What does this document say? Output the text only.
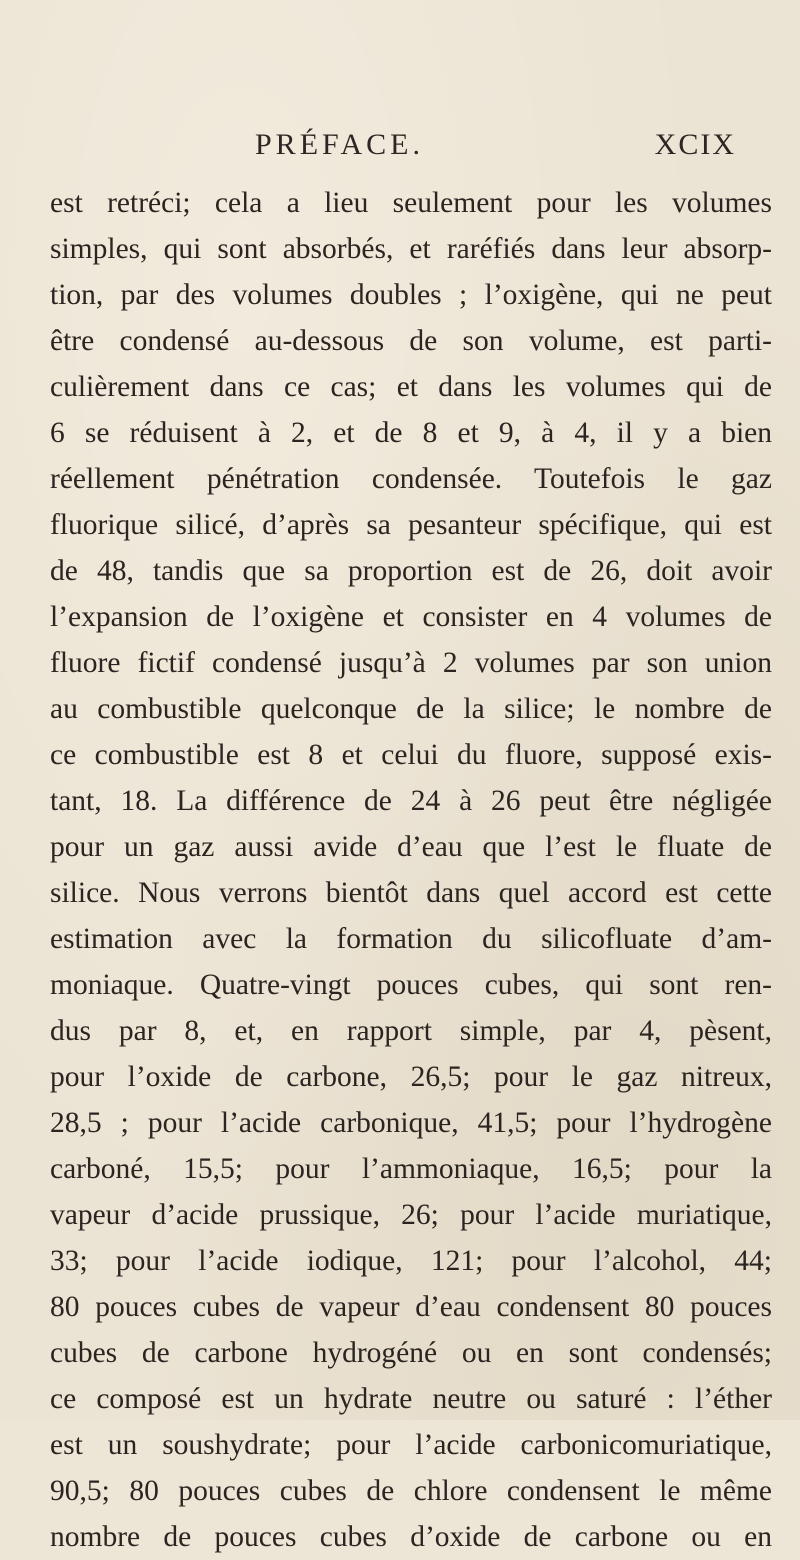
PRÉFACE.	XCIX
est retréci; cela a lieu seulement pour les volumes
simples, qui sont absorbés, et raréfiés dans leur absorp-
tion, par des volumes doubles ; l’oxigène, qui ne peut
être condensé au-dessous de son volume, est parti-
culièrement dans ce cas; et dans les volumes qui de
6 se réduisent à 2, et de 8 et 9, à 4, il y a bien
réellement pénétration condensée. Toutefois le gaz
fluorique silicé, d’après sa pesanteur spécifique, qui est
de 48, tandis que sa proportion est de 26, doit avoir
l’expansion de l’oxigène et consister en 4 volumes de
fluore fictif condensé jusqu’à 2 volumes par son union
au combustible quelconque de la silice; le nombre de
ce combustible est 8 et celui du fluore, supposé exis-
tant, 18. La différence de 24 à 26 peut être négligée
pour un gaz aussi avide d’eau que l’est le fluate de
silice. Nous verrons bientôt dans quel accord est cette
estimation avec la formation du silicofluate d’am-
moniaque. Quatre-vingt pouces cubes, qui sont ren-
dus par 8, et, en rapport simple, par 4, pèsent,
pour l’oxide de carbone, 26,5; pour le gaz nitreux,
28,5 ; pour l’acide carbonique, 41,5; pour l’hydrogène
carboné, 15,5; pour l’ammoniaque, 16,5; pour la
vapeur d’acide prussique, 26; pour l’acide muriatique,
33; pour l’acide iodique, 121; pour l’alcohol, 44;
80 pouces cubes de vapeur d’eau condensent 80 pouces
cubes de carbone hydrogéné ou en sont condensés;
ce composé est un hydrate neutre ou saturé : l’éther
est un soushydrate; pour l’acide carbonicomuriatique,
90,5; 80 pouces cubes de chlore condensent le même
nombre de pouces cubes d’oxide de carbone ou en
